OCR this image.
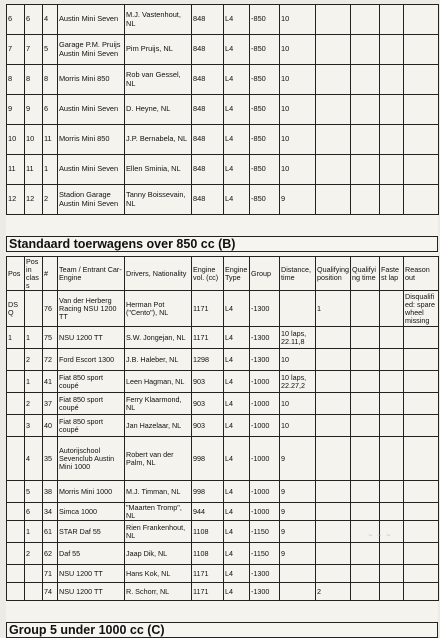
6	6	4	Austin Mini Seven	M.J. Vastenhout, NL	848	L4	-850	10				
7	7	5	Garage P.M. Pruijs Austin Mini Seven	Pim Pruijs, NL	848	L4	-850	10				
8	8	8	Morris Mini 850	Rob van Gessel, NL	848	L4	-850	10				
9	9	6	Austin Mini Seven	D. Heyne, NL	848	L4	-850	10				
10	10	11	Morris Mini 850	J.P. Bernabela, NL	848	L4	-850	10				
11	11	1	Austin Mini Seven	Ellen Sminia, NL	848	L4	-850	10				
12	12	2	Stadion Garage Austin Mini Seven	Tanny Boissevain, NL	848	L4	-850	9				
Standaard toerwagens over 850 cc (B)
Pos	Pos in class	#	Team / Entrant Car- Engine	Drivers, Nationality	Engine vol. (cc)	Engine Type	Group	Distance, time	Qualifying position	Qualifying time	Fastest lap	Reason out
DSQ		76	Van der Herberg Racing NSU 1200 TT	Herman Pot ("Cento"), NL	1171	L4	-1300		1			Disqualified: spare wheel missing
1	1	75	NSU 1200 TT	S.W. Jongejan, NL	1171	L4	-1300	10 laps, 22.11,8				
	2	72	Ford Escort 1300	J.B. Haleber, NL	1298	L4	-1300	10				
	1	41	Fiat 850 sport coupé	Leen Hagman, NL	903	L4	-1000	10 laps, 22.27,2				
	2	37	Fiat 850 sport coupé	Ferry Klaarmond, NL	903	L4	-1000	10				
	3	40	Fiat 850 sport coupé	Jan Hazelaar, NL	903	L4	-1000	10				
	4	35	Autorijschool Sevenclub Austin Mini 1000	Robert van der Palm, NL	998	L4	-1000	9				
	5	38	Morris Mini 1000	M.J. Timman, NL	998	L4	-1000	9				
	6	34	Simca 1000	"Maarten Tromp", NL	944	L4	-1000	9				
	1	61	STAR Daf 55	Rien Frankenhout, NL	1108	L4	-1150	9				
	2	62	Daf 55	Jaap Dik, NL	1108	L4	-1150	9				
		71	NSU 1200 TT	Hans Kok, NL	1171	L4	-1300					
		74	NSU 1200 TT	R. Schorr, NL	1171	L4	-1300		2			
Group 5 under 1000 cc (C)
~ ~ ~
